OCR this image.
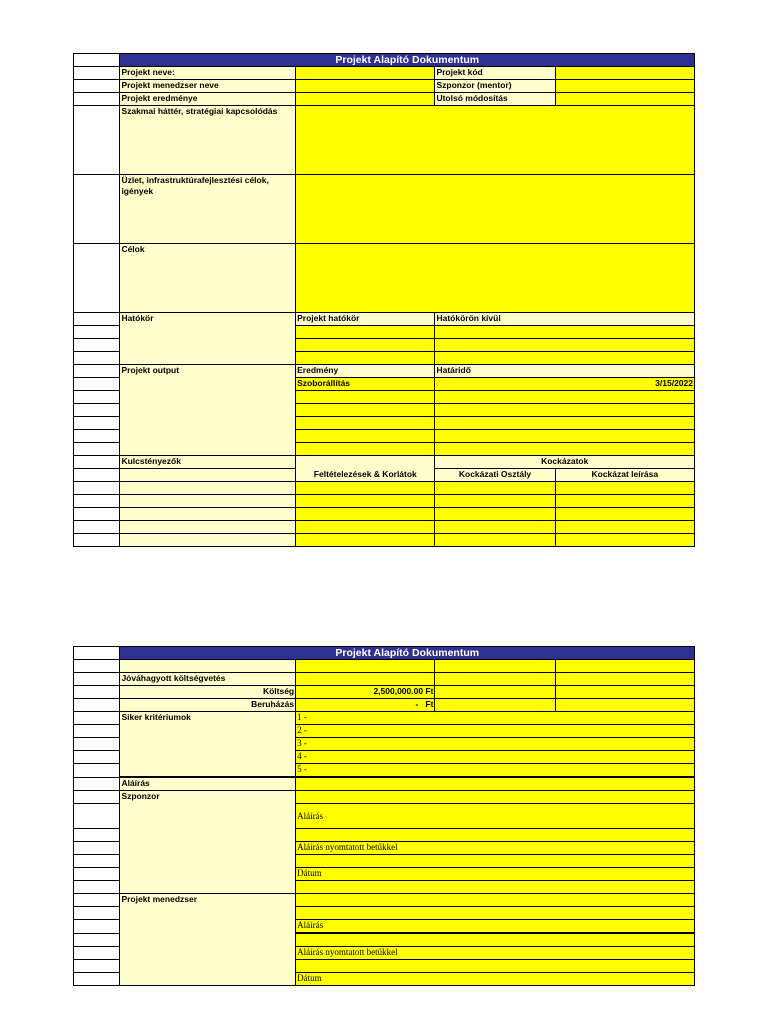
	Projekt Alapító Dokumentum			
	Projekt neve:		Projekt kód	
	Projekt menedzser neve		Szponzor (mentor)	
	Projekt eredménye		Utolsó módosítás	
	Szakmai háttér, stratégiai kapcsolódás			
	Üzlet, infrastruktúrafejlesztési célok, igények			
	Célok			
	Hatókör	Projekt hatókör	Hatókörön kívül	

	Projekt output	Eredmény	Határidő	
		Szoborállítás	3/15/2022	

	Kulcstényezők		Kockázatok	
		Feltételezések & Korlátok	Kockázati Osztály	Kockázat leírása

	Projekt Alapító Dokumentum			

	Jóváhagyott költségvetés			
	Költség	2,500,000.00 Ft		
	Beruházás	-   Ft		
	Siker kritériumok	1 -		
		2 -		
		3 -		
		4 -		
		5 -		
	Aláírás			
	Szponzor			
		Aláírás		

		Aláírás nyomtatott betűkkel		

		Dátum		

	Projekt menedzser			

		Aláírás		

		Aláírás nyomtatott betűkkel		

		Dátum		
